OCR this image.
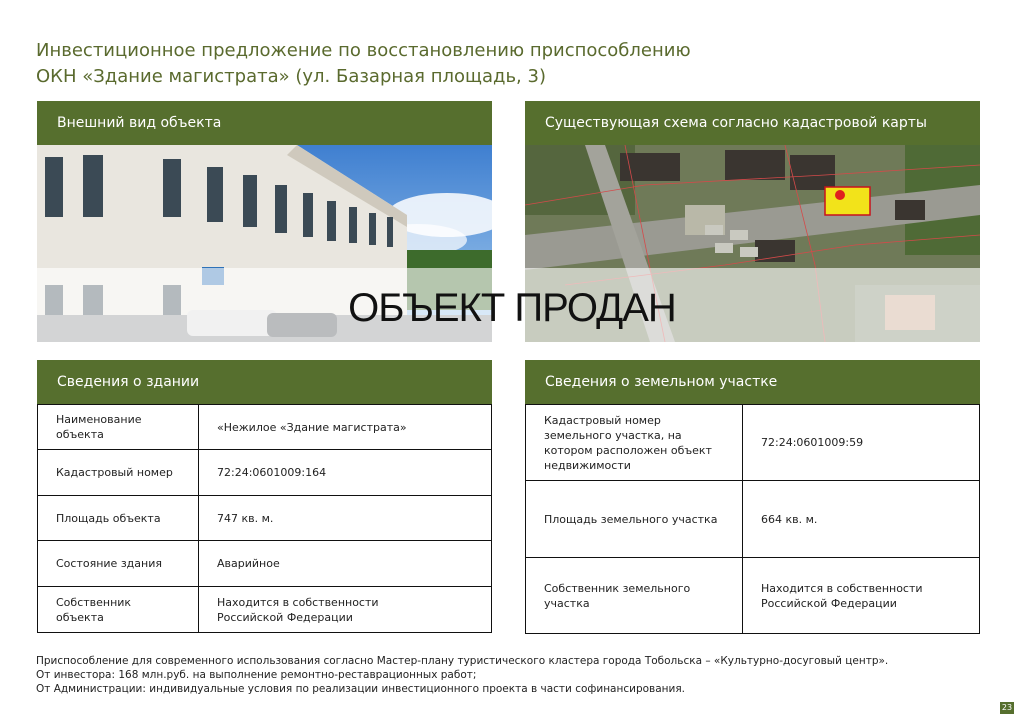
Инвестиционное предложение по восстановлению приспособлению
ОКН «Здание магистрата» (ул. Базарная площадь, 3)
Внешний вид объекта	Существующая схема согласно кадастровой карты
ОБЪЕКТ ПРОДАН
Сведения о здании
Наименование объекта	«Нежилое «Здание магистрата»
Кадастровый номер	72:24:0601009:164
Площадь объекта	747 кв. м.
Состояние здания	Аварийное
Собственник объекта	Находится в собственности Российской Федерации
Сведения о земельном участке
Кадастровый номер земельного участка, на котором расположен объект недвижимости	72:24:0601009:59
Площадь земельного участка	664 кв. м.
Собственник земельного участка	Находится в собственности Российской Федерации
Приспособление для современного использования согласно Мастер-плану туристического кластера города Тобольска – «Культурно-досуговый центр».
От инвестора: 168 млн.руб. на выполнение ремонтно-реставрационных работ;
От Администрации: индивидуальные условия по реализации инвестиционного проекта в части софинансирования.
23
